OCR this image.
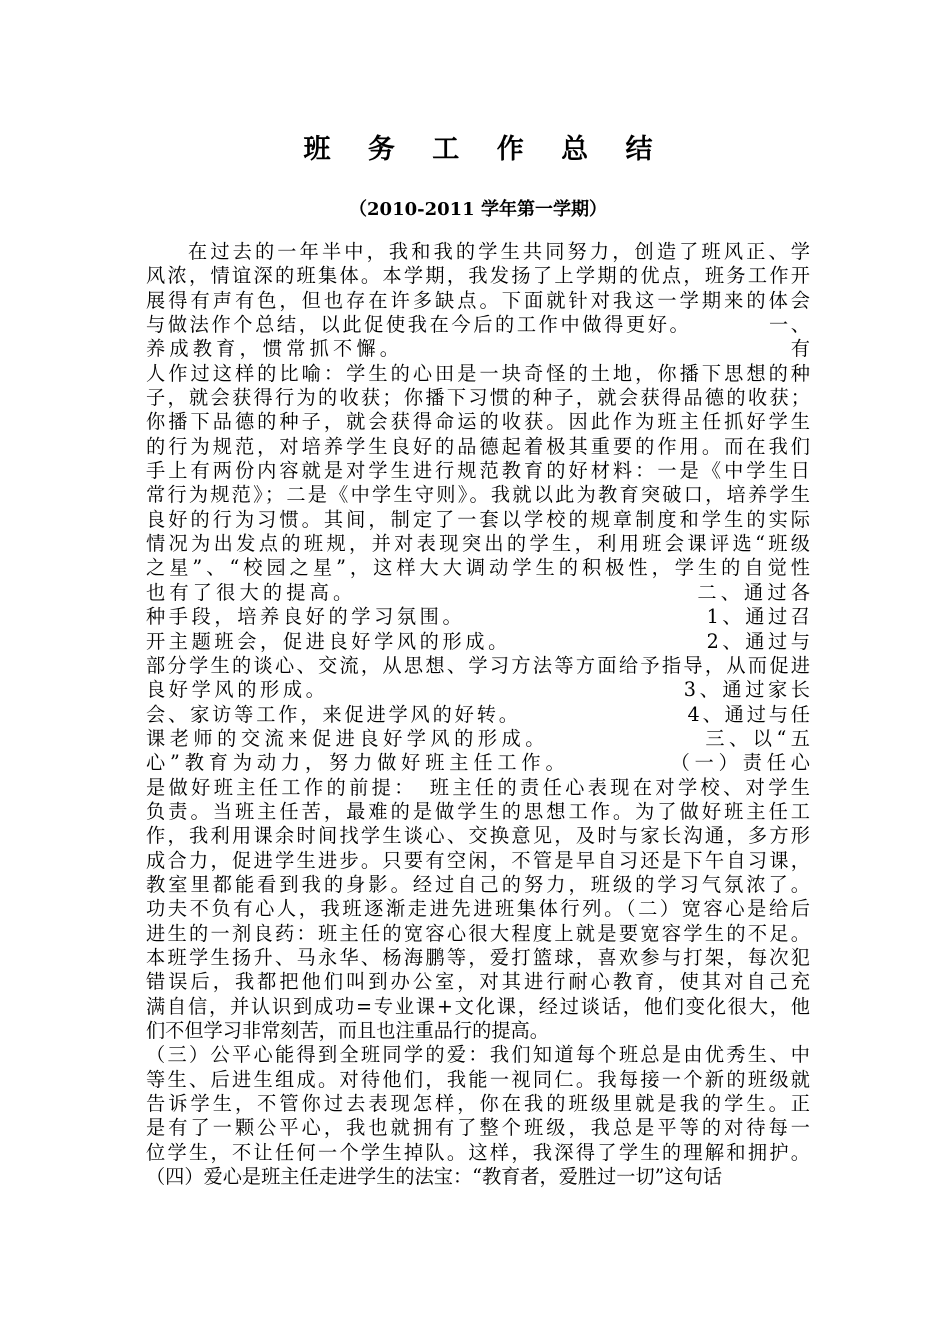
班 务 工 作 总 结
（2010-2011 学年第一学期）
在过去的一年半中，我和我的学生共同努力，创造了班风正、学
风浓，情谊深的班集体。本学期，我发扬了上学期的优点，班务工作开
展得有声有色，但也存在许多缺点。下面就针对我这一学期来的体会
与做法作个总结，以此促使我在今后的工作中做得更好。　　　　一、
养成教育，惯常抓不懈。　　　　　　　　　　　　　　　　　有
人作过这样的比喻：学生的心田是一块奇怪的土地，你播下思想的种
子，就会获得行为的收获；你播下习惯的种子，就会获得品德的收获；
你播下品德的种子，就会获得命运的收获。因此作为班主任抓好学生
的行为规范，对培养学生良好的品德起着极其重要的作用。而在我们
手上有两份内容就是对学生进行规范教育的好材料：一是《中学生日
常行为规范》；二是《中学生守则》。我就以此为教育突破口，培养学生
良好的行为习惯。其间，制定了一套以学校的规章制度和学生的实际
情况为出发点的班规，并对表现突出的学生，利用班会课评选“班级
之星”、“校园之星”，这样大大调动学生的积极性，学生的自觉性
也有了很大的提高。　　　　　　　　　　　　　　　二、通过各
种手段，培养良好的学习氛围。　　　　　　　　　　　1、通过召
开主题班会，促进良好学风的形成。　　　　　　　　　2、通过与
部分学生的谈心、交流，从思想、学习方法等方面给予指导，从而促进
良好学风的形成。　　　　　　　　　　　　　　　　3、通过家长
会、家访等工作，来促进学风的好转。　　　　　　　　4、通过与任
课老师的交流来促进良好学风的形成。　　　　　　　三、以“五
心”教育为动力，努力做好班主任工作。　　　　　（一）责任心
是做好班主任工作的前提：　班主任的责任心表现在对学校、对学生
负责。当班主任苦，最难的是做学生的思想工作。为了做好班主任工
作，我利用课余时间找学生谈心、交换意见，及时与家长沟通，多方形
成合力，促进学生进步。只要有空闲，不管是早自习还是下午自习课，
教室里都能看到我的身影。经过自己的努力，班级的学习气氛浓了。
功夫不负有心人，我班逐渐走进先进班集体行列。（二）宽容心是给后
进生的一剂良药：班主任的宽容心很大程度上就是要宽容学生的不足。
本班学生扬升、马永华、杨海鹏等，爱打篮球，喜欢参与打架，每次犯
错误后，我都把他们叫到办公室，对其进行耐心教育，使其对自己充
满自信，并认识到成功=专业课+文化课，经过谈话，他们变化很大，他
们不但学习非常刻苦，而且也注重品行的提高。
（三）公平心能得到全班同学的爱：我们知道每个班总是由优秀生、中
等生、后进生组成。对待他们，我能一视同仁。我每接一个新的班级就
告诉学生，不管你过去表现怎样，你在我的班级里就是我的学生。正
是有了一颗公平心，我也就拥有了整个班级，我总是平等的对待每一
位学生，不让任何一个学生掉队。这样，我深得了学生的理解和拥护。
（四）爱心是班主任走进学生的法宝：“教育者，爱胜过一切”这句话
